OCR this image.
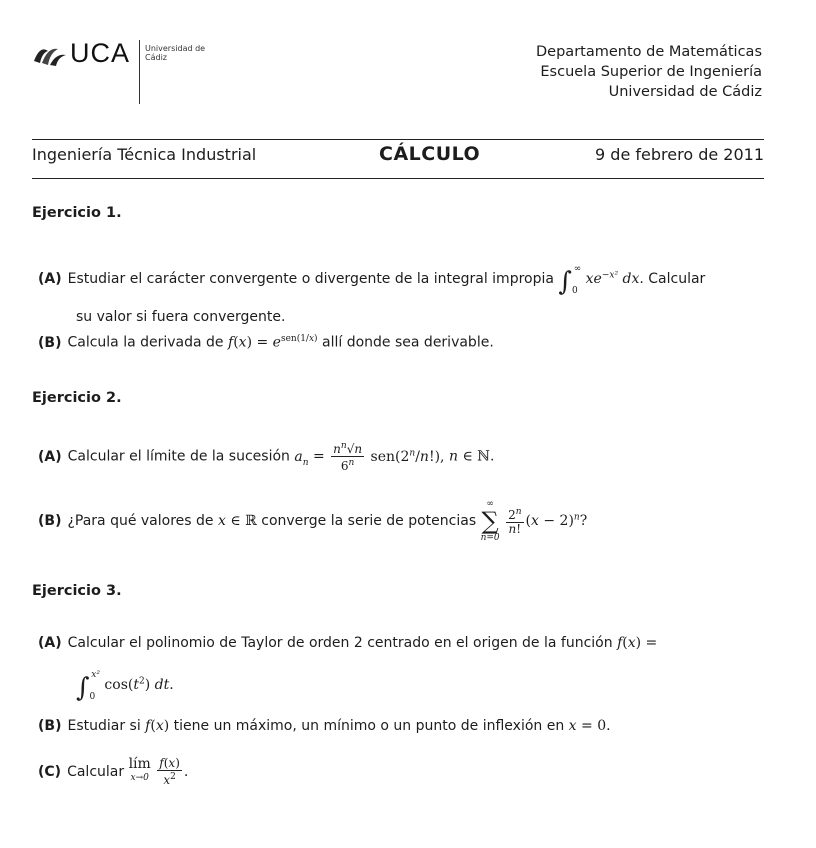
UCA Universidad de Cádiz	Departamento de Matemáticas
Escuela Superior de Ingeniería
Universidad de Cádiz
Ingeniería Técnica Industrial	CÁLCULO	9 de febrero de 2011
Ejercicio 1.
(A) Estudiar el carácter convergente o divergente de la integral impropia $\int_0^\infty$ $xe^{-x^2}$ dx. Calcular
su valor si fuera convergente.
(B) Calcula la derivada de $f(x) = e^{sen(1/x)}$ allí donde sea derivable.
Ejercicio 2.
(A) Calcular el límite de la sucesión $a_n = \frac{n^n√n}{6^n} sen(2^n/n!)$, n ∈ ℕ.
(B) ¿Para qué valores de x ∈ ℝ converge la serie de potencias
∞
∑
n=0

$\frac{2^n}{n!} (x - 2)^n$?
Ejercicio 3.
(A) Calcular el polinomio de Taylor de orden 2 centrado en el origen de la función f(x) =
$\int_0^{x^2}$ $\cos(t^2)$ dt.
(B) Estudiar si f(x) tiene un máximo, un mínimo o un punto de inflexión en x = 0.
(C) Calcular lím
x→0
$\frac{f(x)}{x^2}$ .
